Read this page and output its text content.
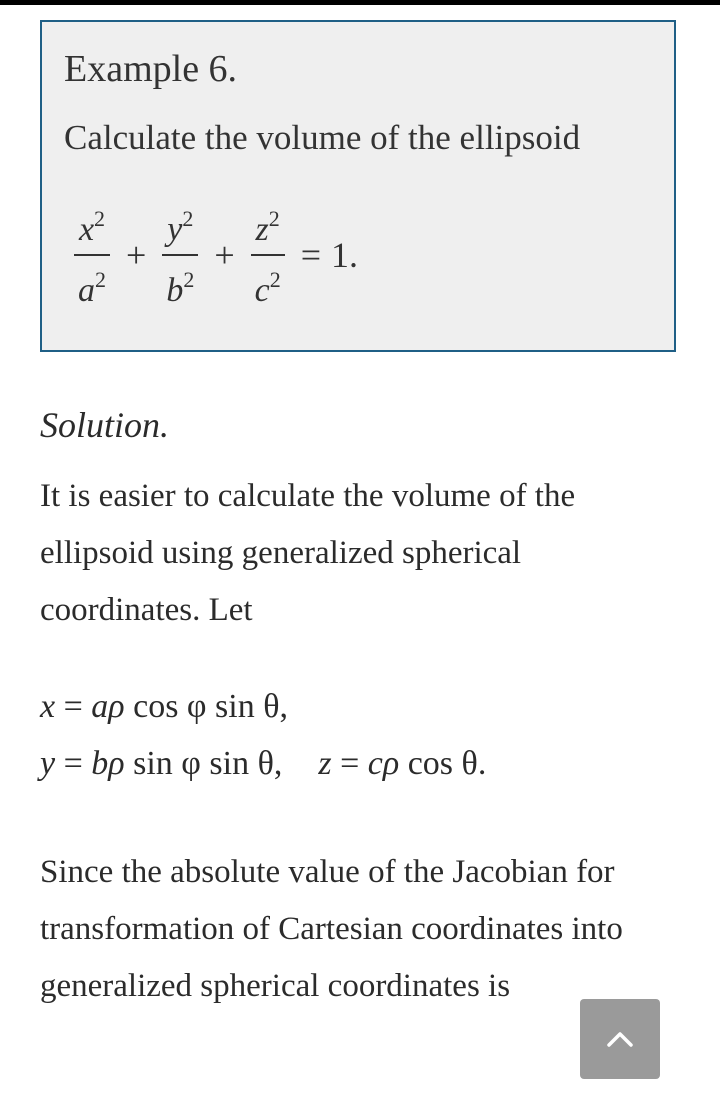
Example 6.
Calculate the volume of the ellipsoid
$\frac{x^2}{a^2} + \frac{y^2}{b^2} + \frac{z^2}{c^2} = 1$.
Solution.
It is easier to calculate the volume of the ellipsoid using generalized spherical coordinates. Let
x = aρ cos φ sin θ,
y = bρ sin φ sin θ, z = cρ cos θ.
Since the absolute value of the Jacobian for transformation of Cartesian coordinates into generalized spherical coordinates is
